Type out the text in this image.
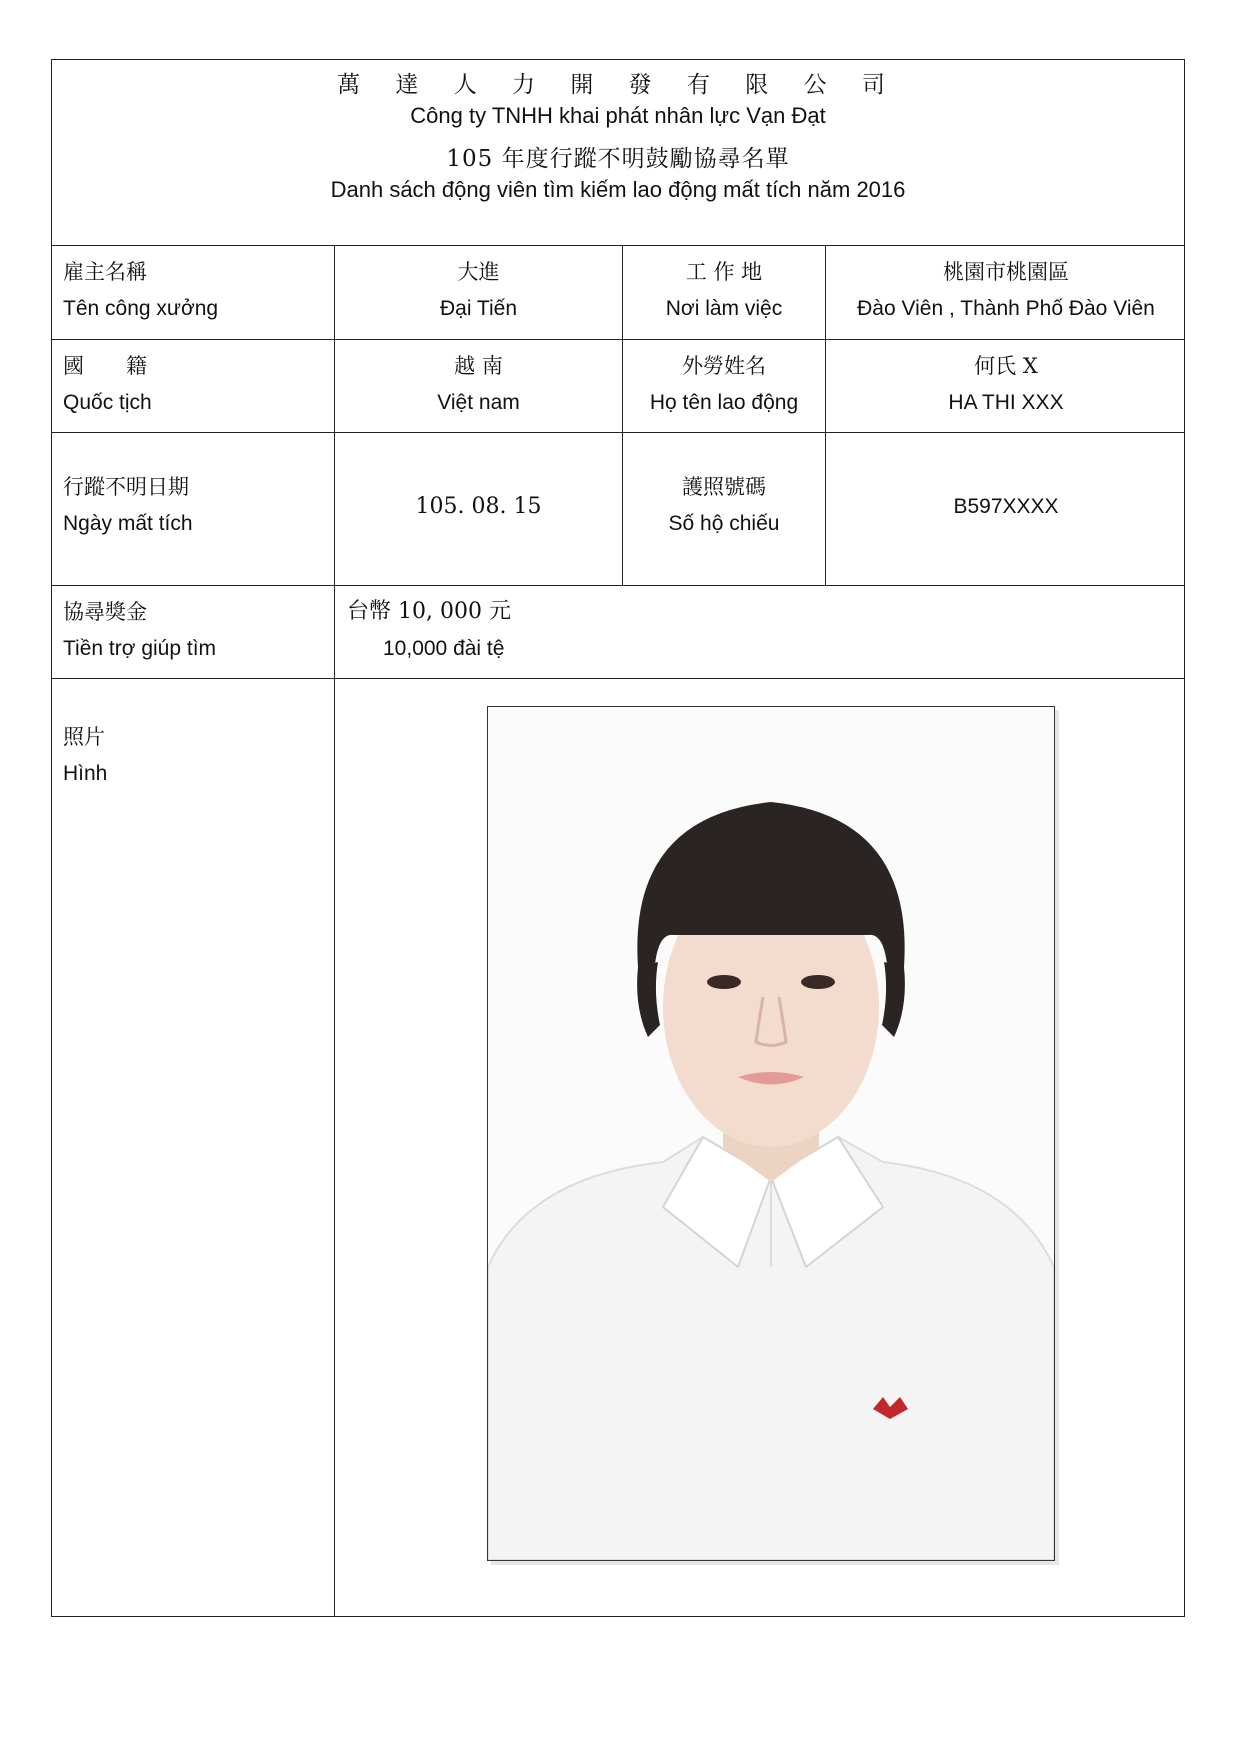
萬 達 人 力 開 發 有 限 公 司
Công ty TNHH khai phát nhân lực Vạn Đạt
105 年度行蹤不明鼓勵協尋名單
Danh sách động viên tìm kiếm lao động mất tích năm 2016
雇主名稱
Tên công xưởng
大進
Đại Tiến
工 作 地
Nơi làm việc
桃園市桃園區
Đào Viên , Thành Phố Đào Viên
國　　籍
Quốc tịch
越 南
Việt nam
外勞姓名
Họ tên lao động
何氏 X
HA THI XXX
行蹤不明日期
Ngày mất tích
105. 08. 15
護照號碼
Số hộ chiếu
B597XXXX
協尋獎金
Tiền trợ giúp tìm
台幣 10, 000 元
10,000 đài tệ
照片
Hình
